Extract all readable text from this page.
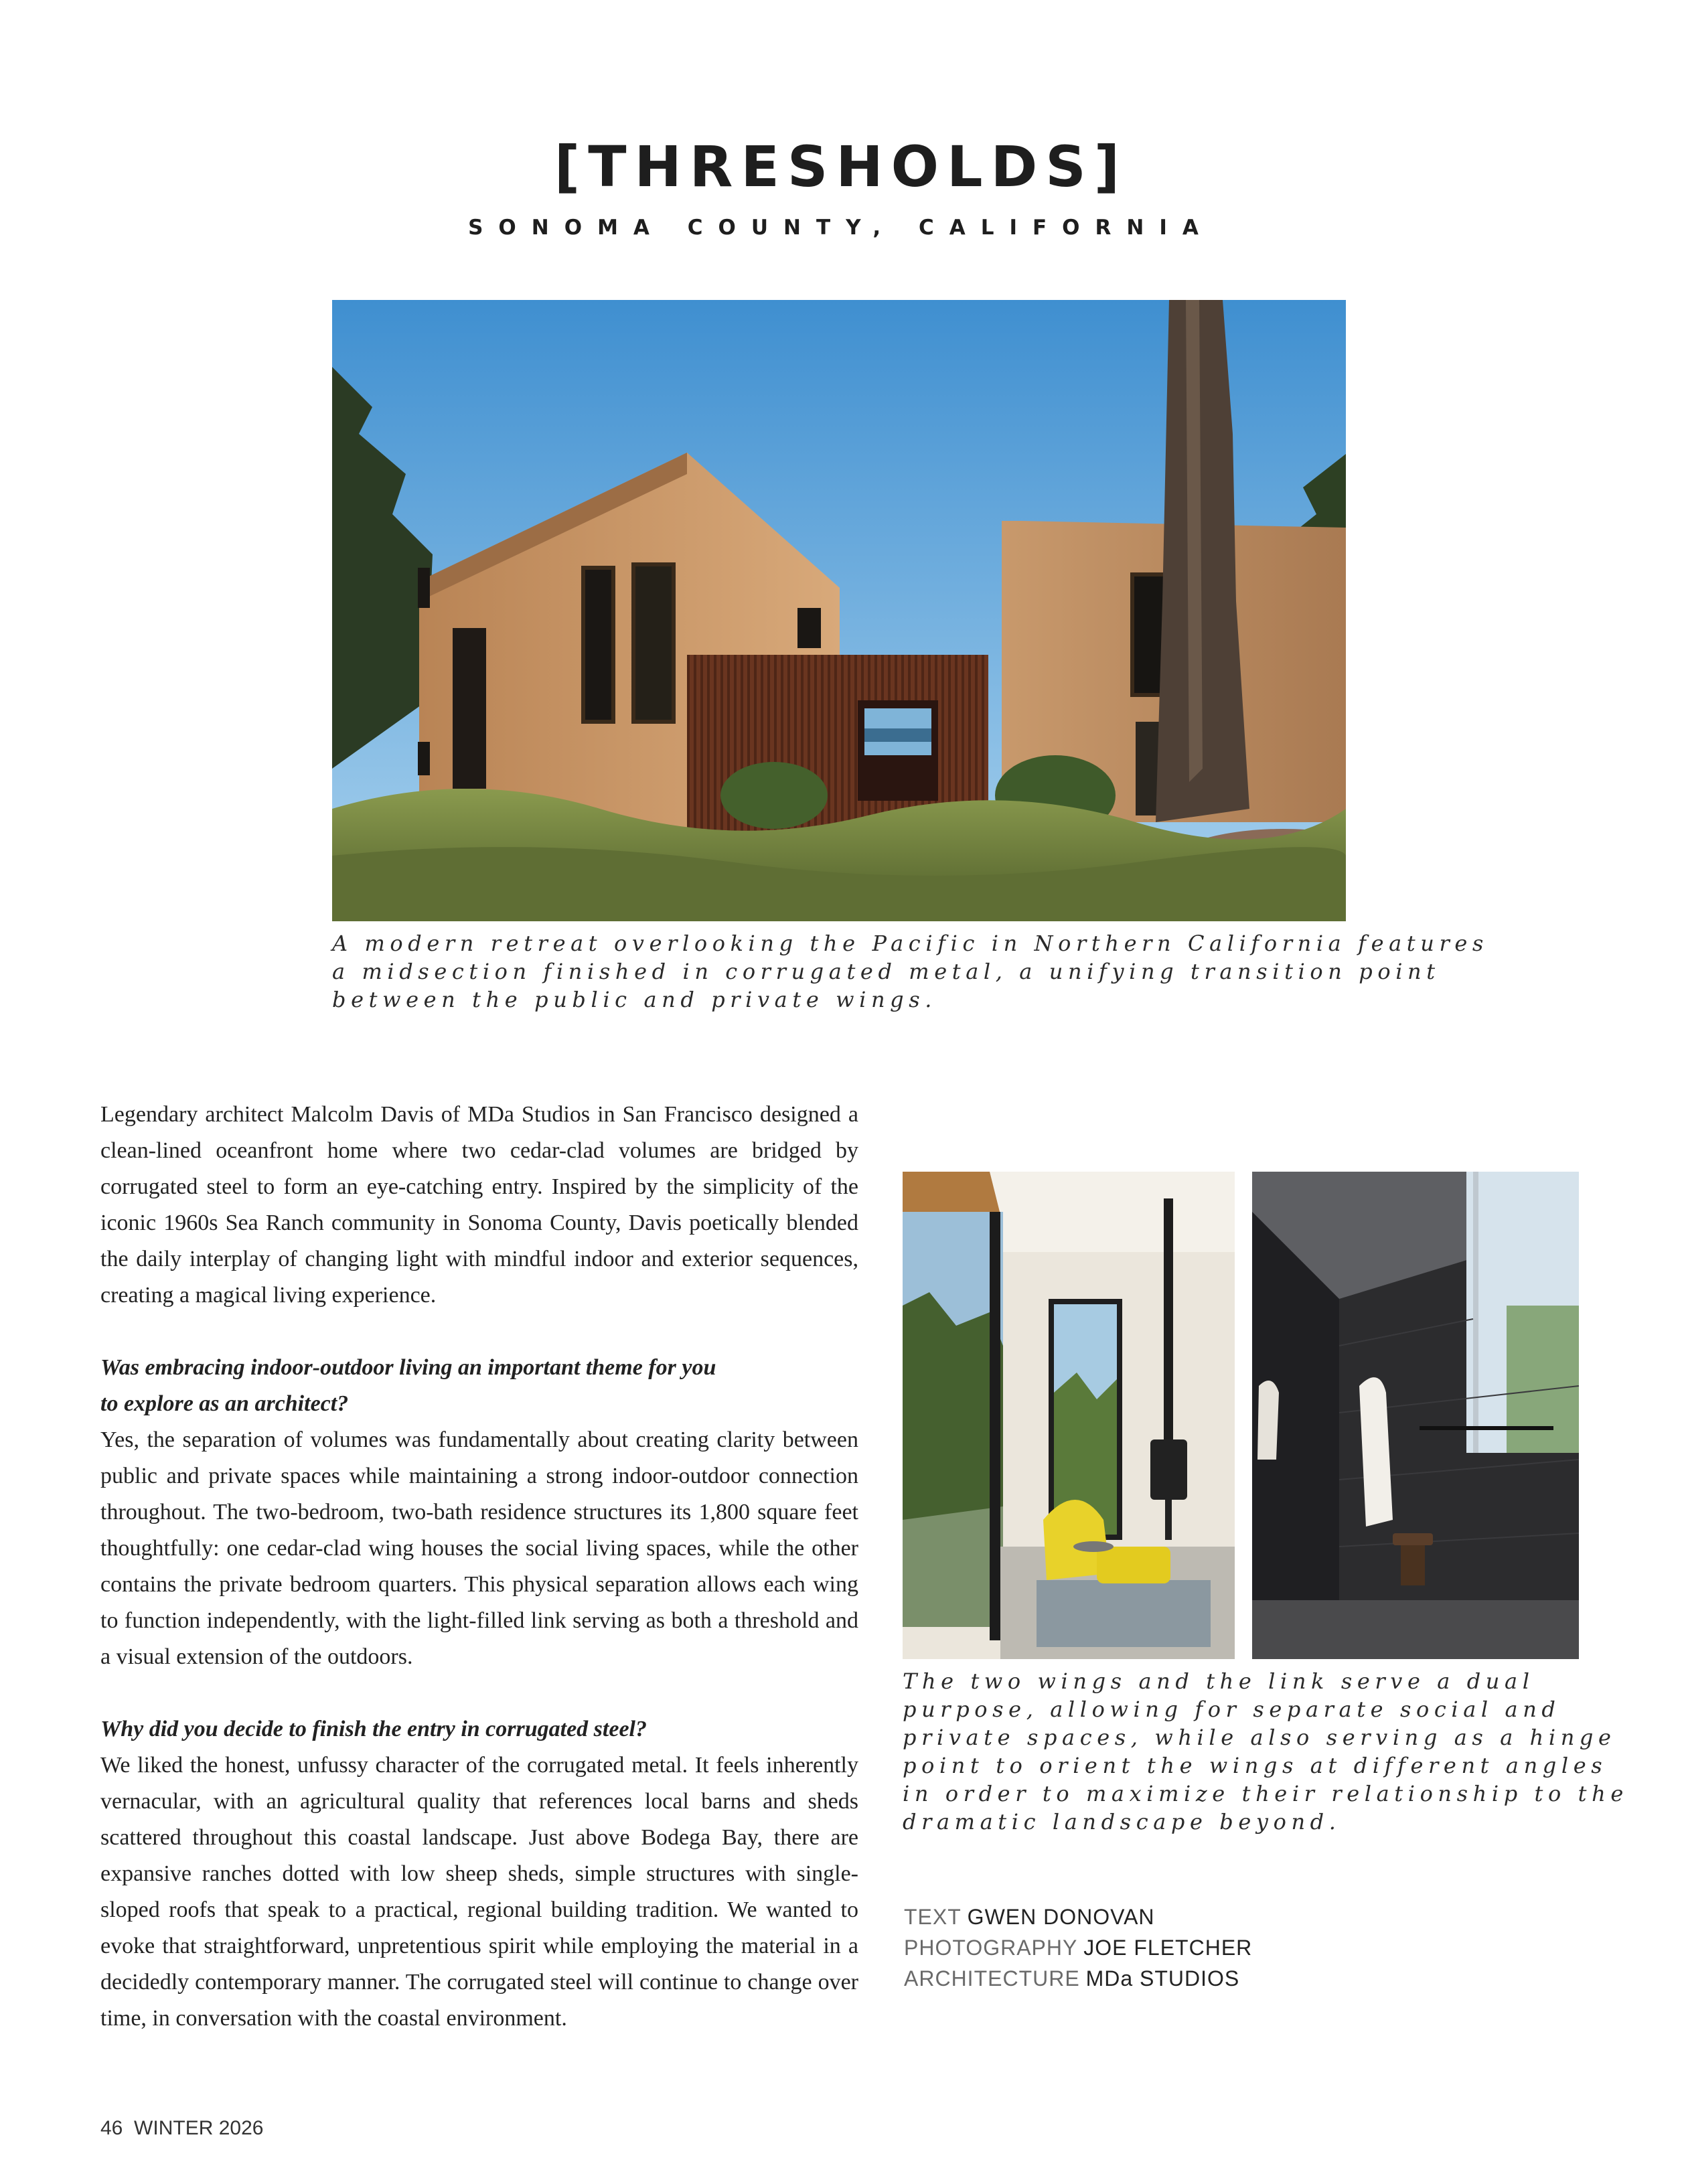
[THRESHOLDS]
SONOMA COUNTY, CALIFORNIA
A modern retreat overlooking the Pacific in Northern California features
a midsection finished in corrugated metal, a unifying transition point
between the public and private wings.

Legendary architect Malcolm Davis of MDa Studios in San Francisco designed a clean-lined oceanfront home where two cedar-clad volumes are bridged by corrugated steel to form an eye-catching entry. Inspired by the simplicity of the iconic 1960s Sea Ranch community in Sonoma County, Davis poetically blended the daily interplay of changing light with mindful indoor and exterior sequences, creating a magical living experience.

Was embracing indoor-outdoor living an important theme for you
to explore as an architect?

Yes, the separation of volumes was fundamentally about creating clarity between public and private spaces while maintaining a strong indoor-outdoor connection throughout. The two-bedroom, two-bath residence structures its 1,800 square feet thoughtfully: one cedar-clad wing houses the social living spaces, while the other contains the private bedroom quarters. This physical separation allows each wing to function independently, with the light-filled link serving as both a threshold and a visual extension of the outdoors.

Why did you decide to finish the entry in corrugated steel?

We liked the honest, unfussy character of the corrugated metal. It feels inherently vernacular, with an agricultural quality that references local barns and sheds scattered throughout this coastal landscape. Just above Bodega Bay, there are expansive ranches dotted with low sheep sheds, simple structures with single-sloped roofs that speak to a practical, regional building tradition. We wanted to evoke that straightforward, unpretentious spirit while employing the material in a decidedly contemporary manner. The corrugated steel will continue to change over time, in conversation with the coastal environment.

The two wings and the link serve a dual
purpose, allowing for separate social and
private spaces, while also serving as a hinge
point to orient the wings at different angles
in order to maximize their relationship to the
dramatic landscape beyond.
TEXT GWEN DONOVAN
PHOTOGRAPHY JOE FLETCHER
ARCHITECTURE MDa STUDIOS
46 WINTER 2026
